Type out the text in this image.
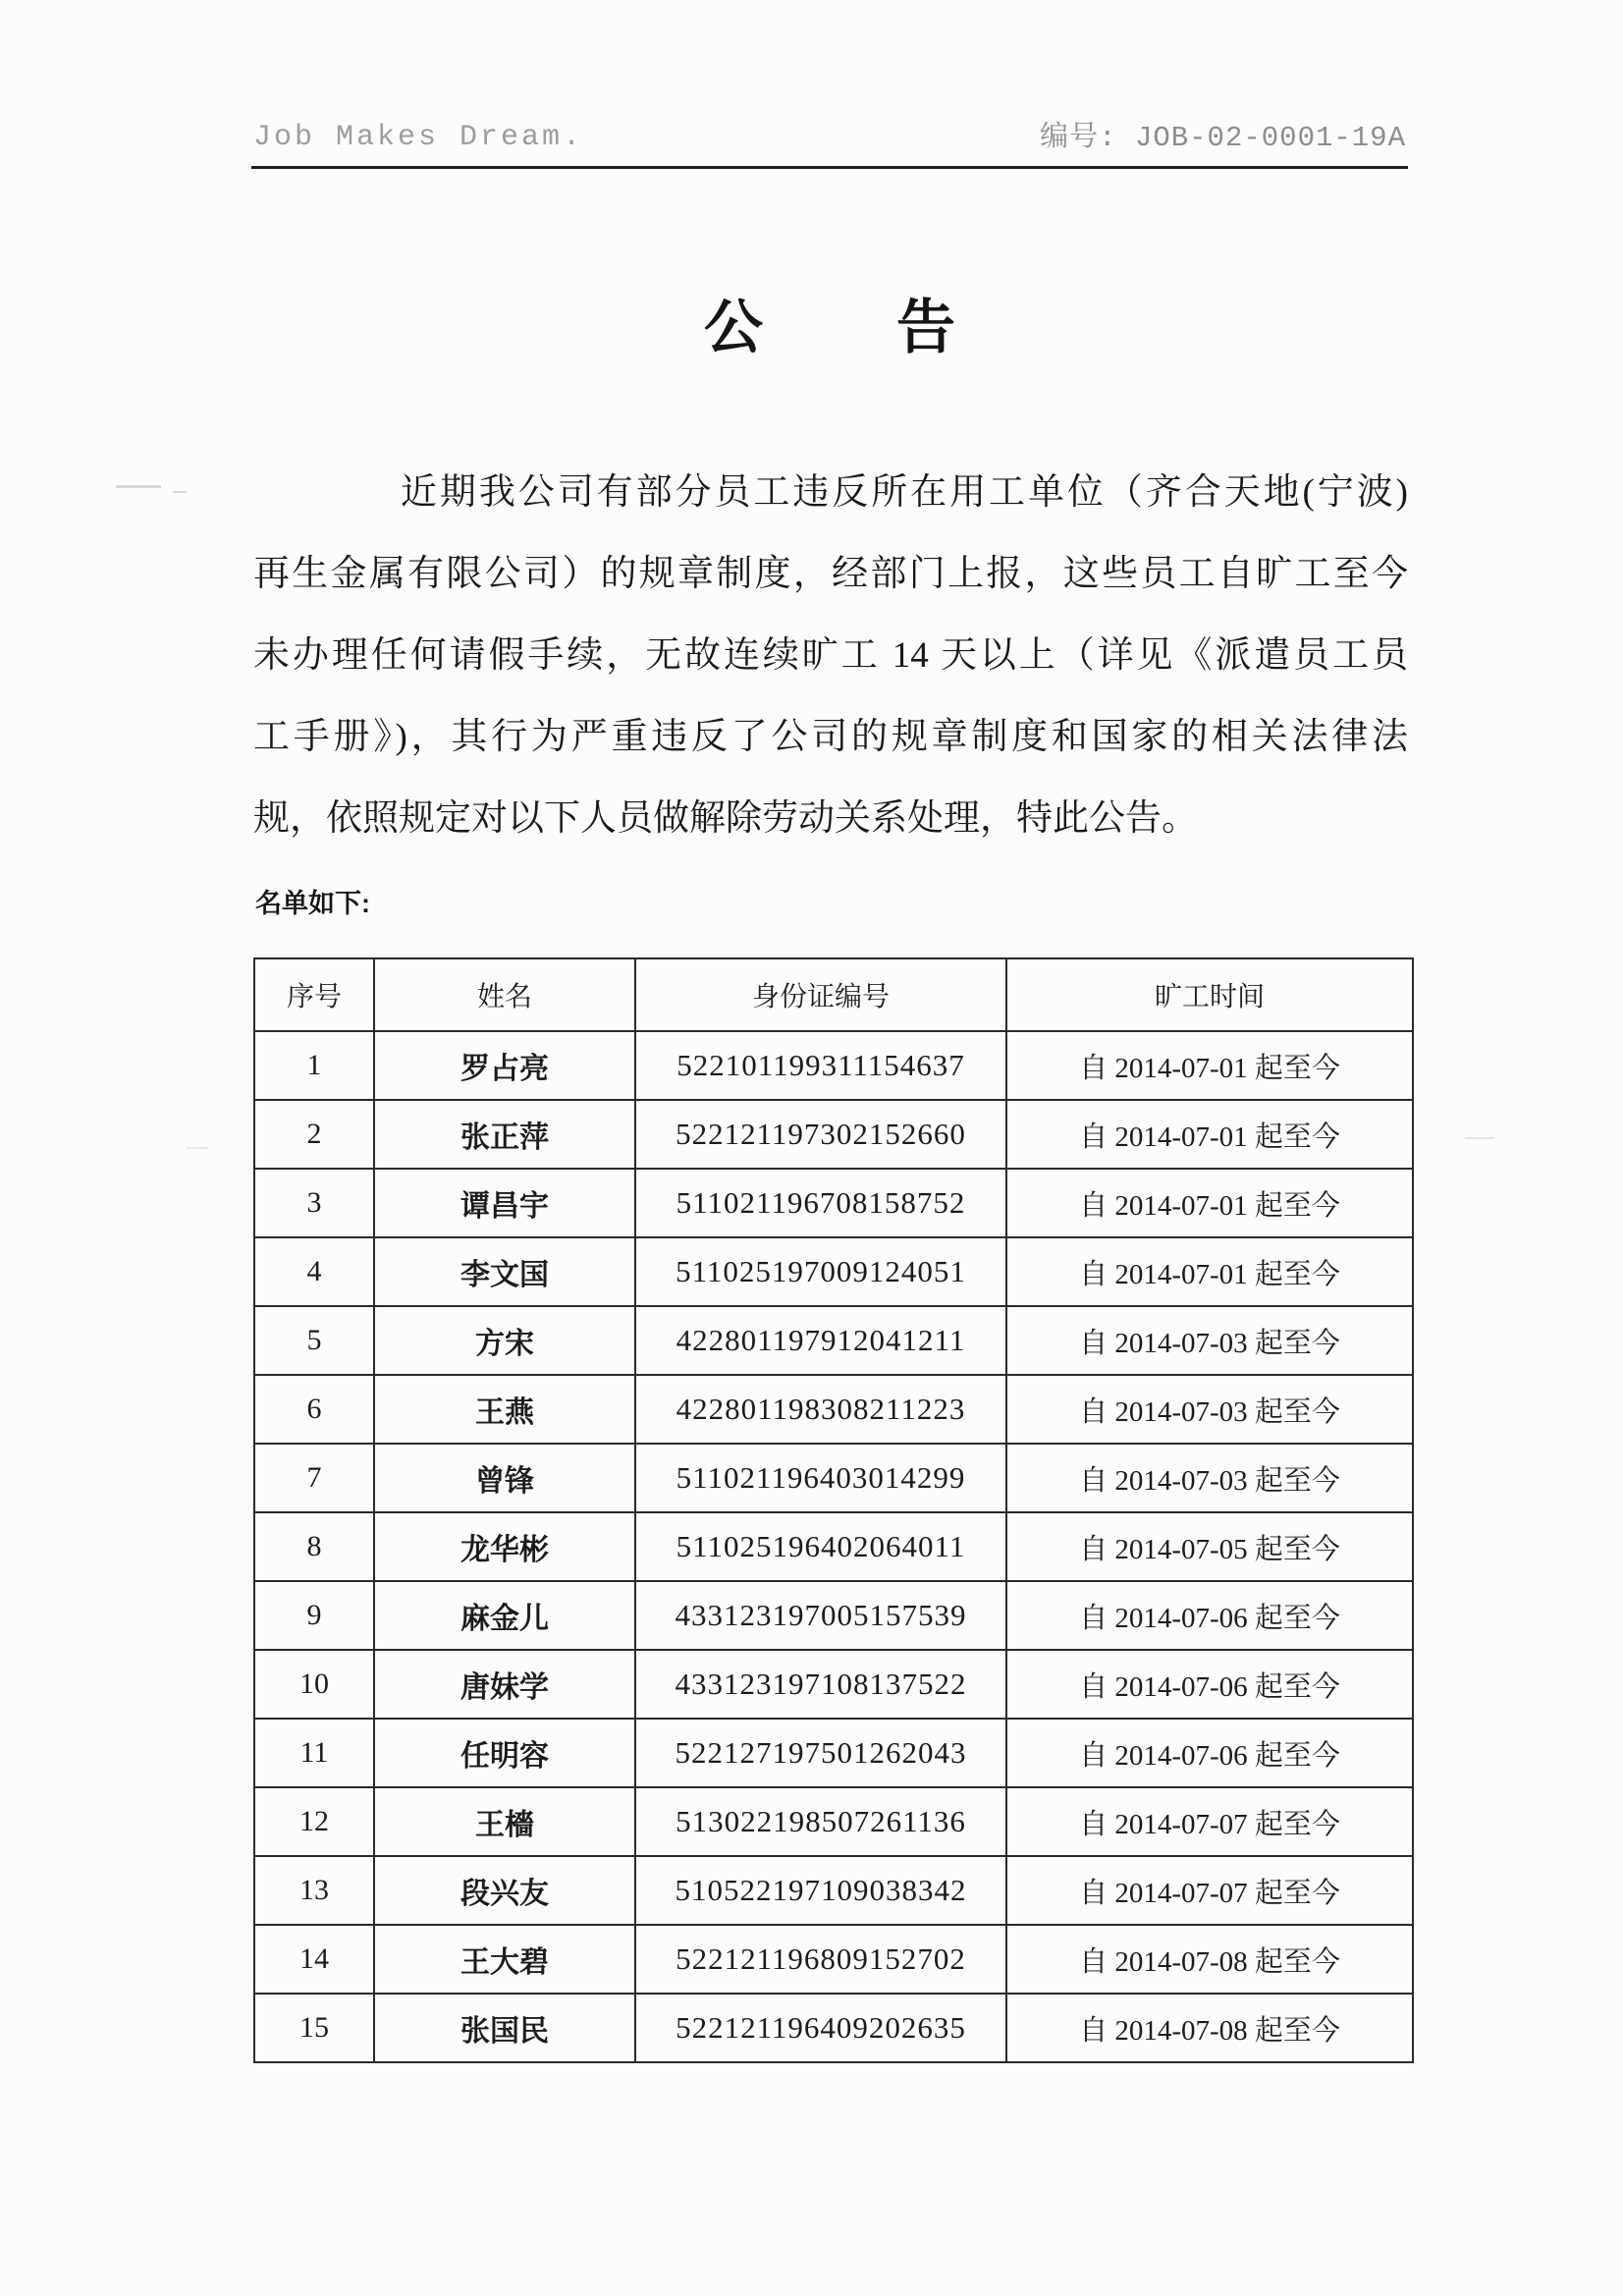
Job Makes Dream.	编号: JOB-02-0001-19A
公　告
近期我公司有部分员工违反所在用工单位（齐合天地(宁波)
再生金属有限公司）的规章制度，经部门上报，这些员工自旷工至今
未办理任何请假手续，无故连续旷工 14 天以上（详见《派遣员工员
工手册》)，其行为严重违反了公司的规章制度和国家的相关法律法
规，依照规定对以下人员做解除劳动关系处理，特此公告。
名单如下:
序号	姓名	身份证编号	旷工时间
1	罗占亮	522101199311154637	自 2014-07-01 起至今
2	张正萍	522121197302152660	自 2014-07-01 起至今
3	谭昌宇	511021196708158752	自 2014-07-01 起至今
4	李文国	511025197009124051	自 2014-07-01 起至今
5	方宋	422801197912041211	自 2014-07-03 起至今
6	王燕	422801198308211223	自 2014-07-03 起至今
7	曾锋	511021196403014299	自 2014-07-03 起至今
8	龙华彬	511025196402064011	自 2014-07-05 起至今
9	麻金儿	433123197005157539	自 2014-07-06 起至今
10	唐妹学	433123197108137522	自 2014-07-06 起至今
11	任明容	522127197501262043	自 2014-07-06 起至今
12	王檣	513022198507261136	自 2014-07-07 起至今
13	段兴友	510522197109038342	自 2014-07-07 起至今
14	王大碧	522121196809152702	自 2014-07-08 起至今
15	张国民	522121196409202635	自 2014-07-08 起至今
